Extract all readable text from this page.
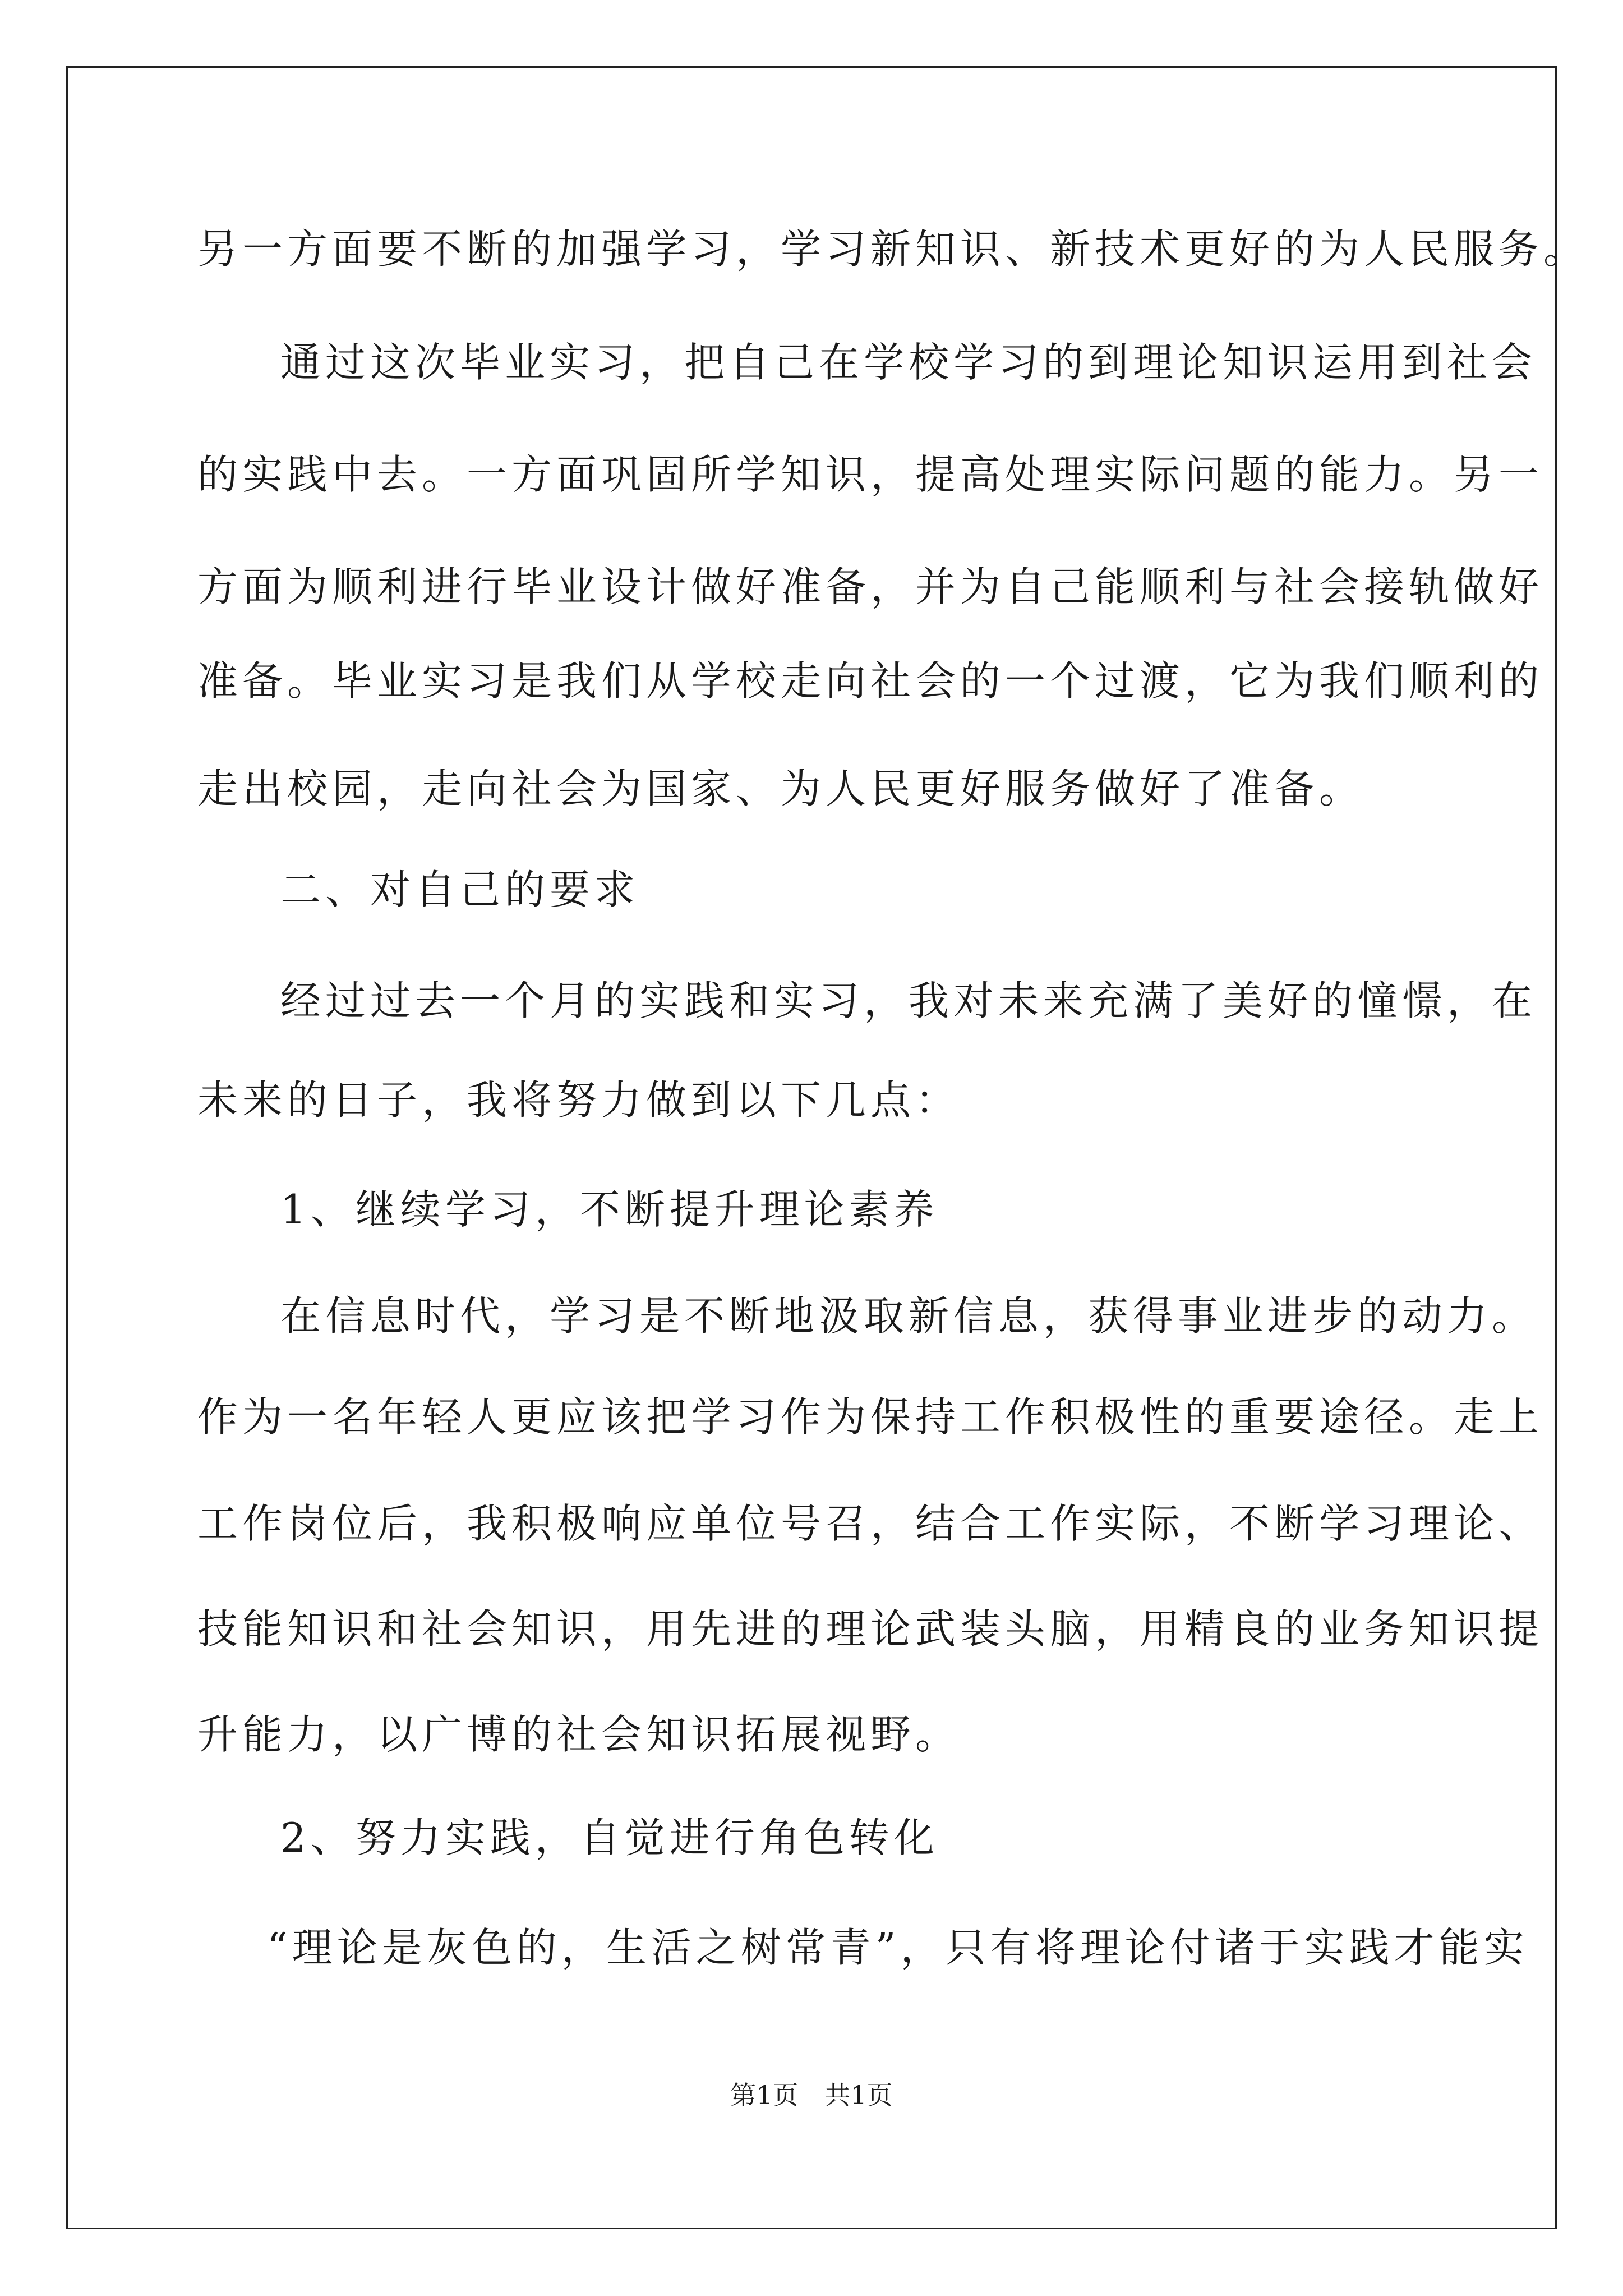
另一方面要不断的加强学习，学习新知识、新技术更好的为人民服务。
通过这次毕业实习，把自己在学校学习的到理论知识运用到社会
的实践中去。一方面巩固所学知识，提高处理实际问题的能力。另一
方面为顺利进行毕业设计做好准备，并为自己能顺利与社会接轨做好
准备。毕业实习是我们从学校走向社会的一个过渡，它为我们顺利的
走出校园，走向社会为国家、为人民更好服务做好了准备。
二、对自己的要求
经过过去一个月的实践和实习，我对未来充满了美好的憧憬，在
未来的日子，我将努力做到以下几点：
1、继续学习，不断提升理论素养
在信息时代，学习是不断地汲取新信息，获得事业进步的动力。
作为一名年轻人更应该把学习作为保持工作积极性的重要途径。走上
工作岗位后，我积极响应单位号召，结合工作实际，不断学习理论、
技能知识和社会知识，用先进的理论武装头脑，用精良的业务知识提
升能力，以广博的社会知识拓展视野。
2、努力实践，自觉进行角色转化
“理论是灰色的，生活之树常青”，只有将理论付诸于实践才能实
第1页 共1页
